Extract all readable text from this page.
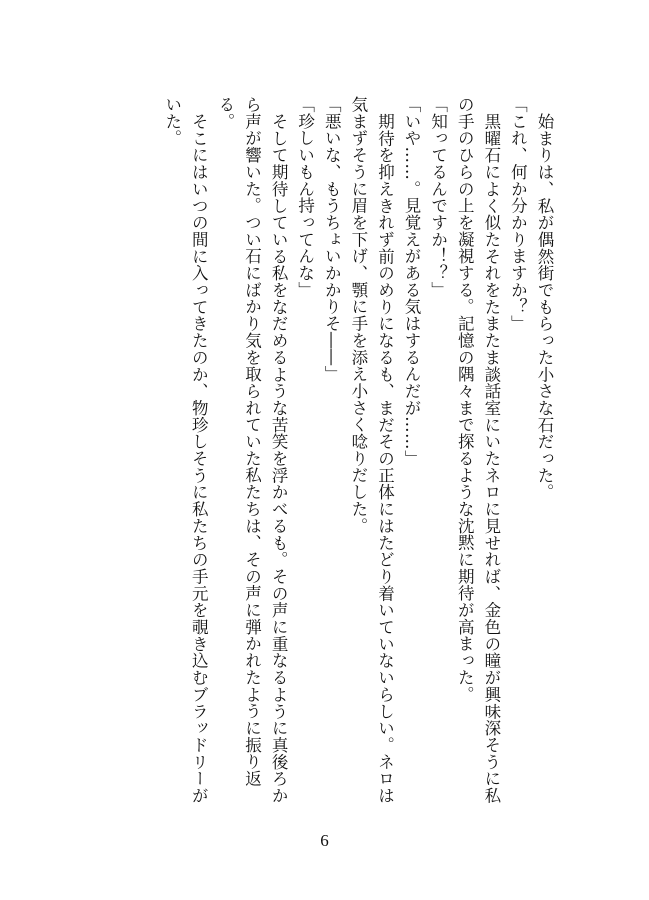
始まりは、私が偶然街でもらった小さな石だった。

「これ、何か分かりますか？」

黒曜石によく似たそれをたまたま談話室にいたネロに見せれば、金色の瞳が興味深そうに私の手のひらの上を凝視する。記憶の隅々まで探るような沈黙に期待が高まった。

「知ってるんですか！？」

「いや……。見覚えがある気はするんだが……」

期待を抑えきれず前のめりになるも、まだその正体にはたどり着いていないらしい。ネロは気まずそうに眉を下げ、顎に手を添え小さく唸りだした。

「悪いな、もうちょいかかりそ――」

「珍しいもん持ってんな」

そして期待している私をなだめるような苦笑を浮かべるも。その声に重なるように真後ろから声が響いた。つい石にばかり気を取られていた私たちは、その声に弾かれたように振り返る。

そこにはいつの間に入ってきたのか、物珍しそうに私たちの手元を覗き込むブラッドリーがいた。

6
